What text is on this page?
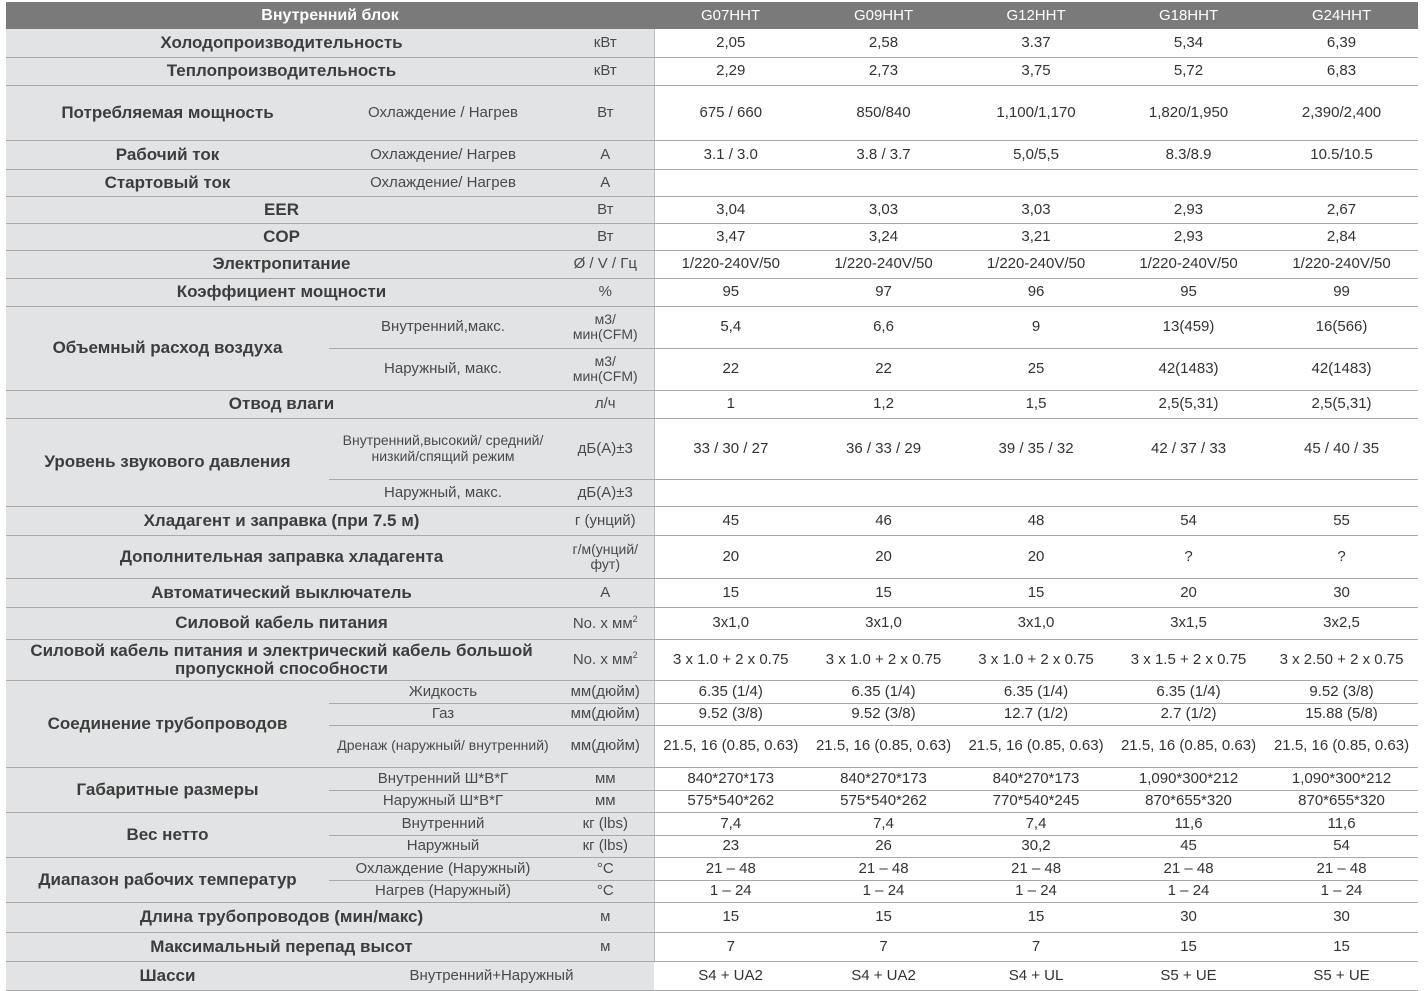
Внутренний блок			G07HHT	G09HHT	G12HHT	G18HHT	G24HHT
Холодопроизводительность		кВт	2,05	2,58	3.37	5,34	6,39
Теплопроизводительность		кВт	2,29	2,73	3,75	5,72	6,83
Потребляемая мощность	Охлаждение / Нагрев	Вт	675 / 660	850/840	1,100/1,170	1,820/1,950	2,390/2,400
Рабочий ток	Охлаждение/ Нагрев	А	3.1 / 3.0	3.8 / 3.7	5,0/5,5	8.3/8.9	10.5/10.5
Стартовый ток	Охлаждение/ Нагрев	А					
EER		Вт	3,04	3,03	3,03	2,93	2,67
COP		Вт	3,47	3,24	3,21	2,93	2,84
Электропитание		Ø / V / Гц	1/220-240V/50	1/220-240V/50	1/220-240V/50	1/220-240V/50	1/220-240V/50
Коэффициент мощности		%	95	97	96	95	99
Объемный расход воздуха	Внутренний,макс.	м3/ мин(CFM)	5,4	6,6	9	13(459)	16(566)
	Наружный, макс.	м3/ мин(CFM)	22	22	25	42(1483)	42(1483)
Отвод влаги		л/ч	1	1,2	1,5	2,5(5,31)	2,5(5,31)
Уровень звукового давления	Внутренний,высокий/ средний/низкий/спящий режим	дБ(A)±3	33 / 30 / 27	36 / 33 / 29	39 / 35 / 32	42 / 37 / 33	45 / 40 / 35
	Наружный, макс.	дБ(A)±3					
Хладагент и заправка (при 7.5 м)		г (унций)	45	46	48	54	55
Дополнительная заправка хладагента		г/м(унций/ фут)	20	20	20	?	?
Автоматический выключатель		А	15	15	15	20	30
Силовой кабель питания		No. x $мм^2$	3x1,0	3x1,0	3x1,0	3x1,5	3x2,5
Силовой кабель питания и электрический кабель большой пропускной способности		No. x $мм^2$	3 x 1.0 + 2 x 0.75	3 x 1.0 + 2 x 0.75	3 x 1.0 + 2 x 0.75	3 x 1.5 + 2 x 0.75	3 x 2.50 + 2 x 0.75
Соединение трубопроводов	Жидкость	мм(дюйм)	6.35 (1/4)	6.35 (1/4)	6.35 (1/4)	6.35 (1/4)	9.52 (3/8)
	Газ	мм(дюйм)	9.52 (3/8)	9.52 (3/8)	12.7 (1/2)	2.7 (1/2)	15.88 (5/8)
	Дренаж (наружный/ внутренний)	мм(дюйм)	21.5, 16 (0.85, 0.63)	21.5, 16 (0.85, 0.63)	21.5, 16 (0.85, 0.63)	21.5, 16 (0.85, 0.63)	21.5, 16 (0.85, 0.63)
Габаритные размеры	Внутренний Ш*В*Г	мм	840*270*173	840*270*173	840*270*173	1,090*300*212	1,090*300*212
	Наружный Ш*В*Г	мм	575*540*262	575*540*262	770*540*245	870*655*320	870*655*320
Вес нетто	Внутренний	кг (lbs)	7,4	7,4	7,4	11,6	11,6
	Наружный	кг (lbs)	23	26	30,2	45	54
Диапазон рабочих температур	Охлаждение (Наружный)	°C	21 – 48	21 – 48	21 – 48	21 – 48	21 – 48
	Нагрев (Наружный)	°C	1 – 24	1 – 24	1 – 24	1 – 24	1 – 24
Длина трубопроводов (мин/макс)		м	15	15	15	30	30
Максимальный перепад высот		м	7	7	7	15	15
Шасси	Внутренний+Наружный		S4 + UA2	S4 + UA2	S4 + UL	S5 + UE	S5 + UE
